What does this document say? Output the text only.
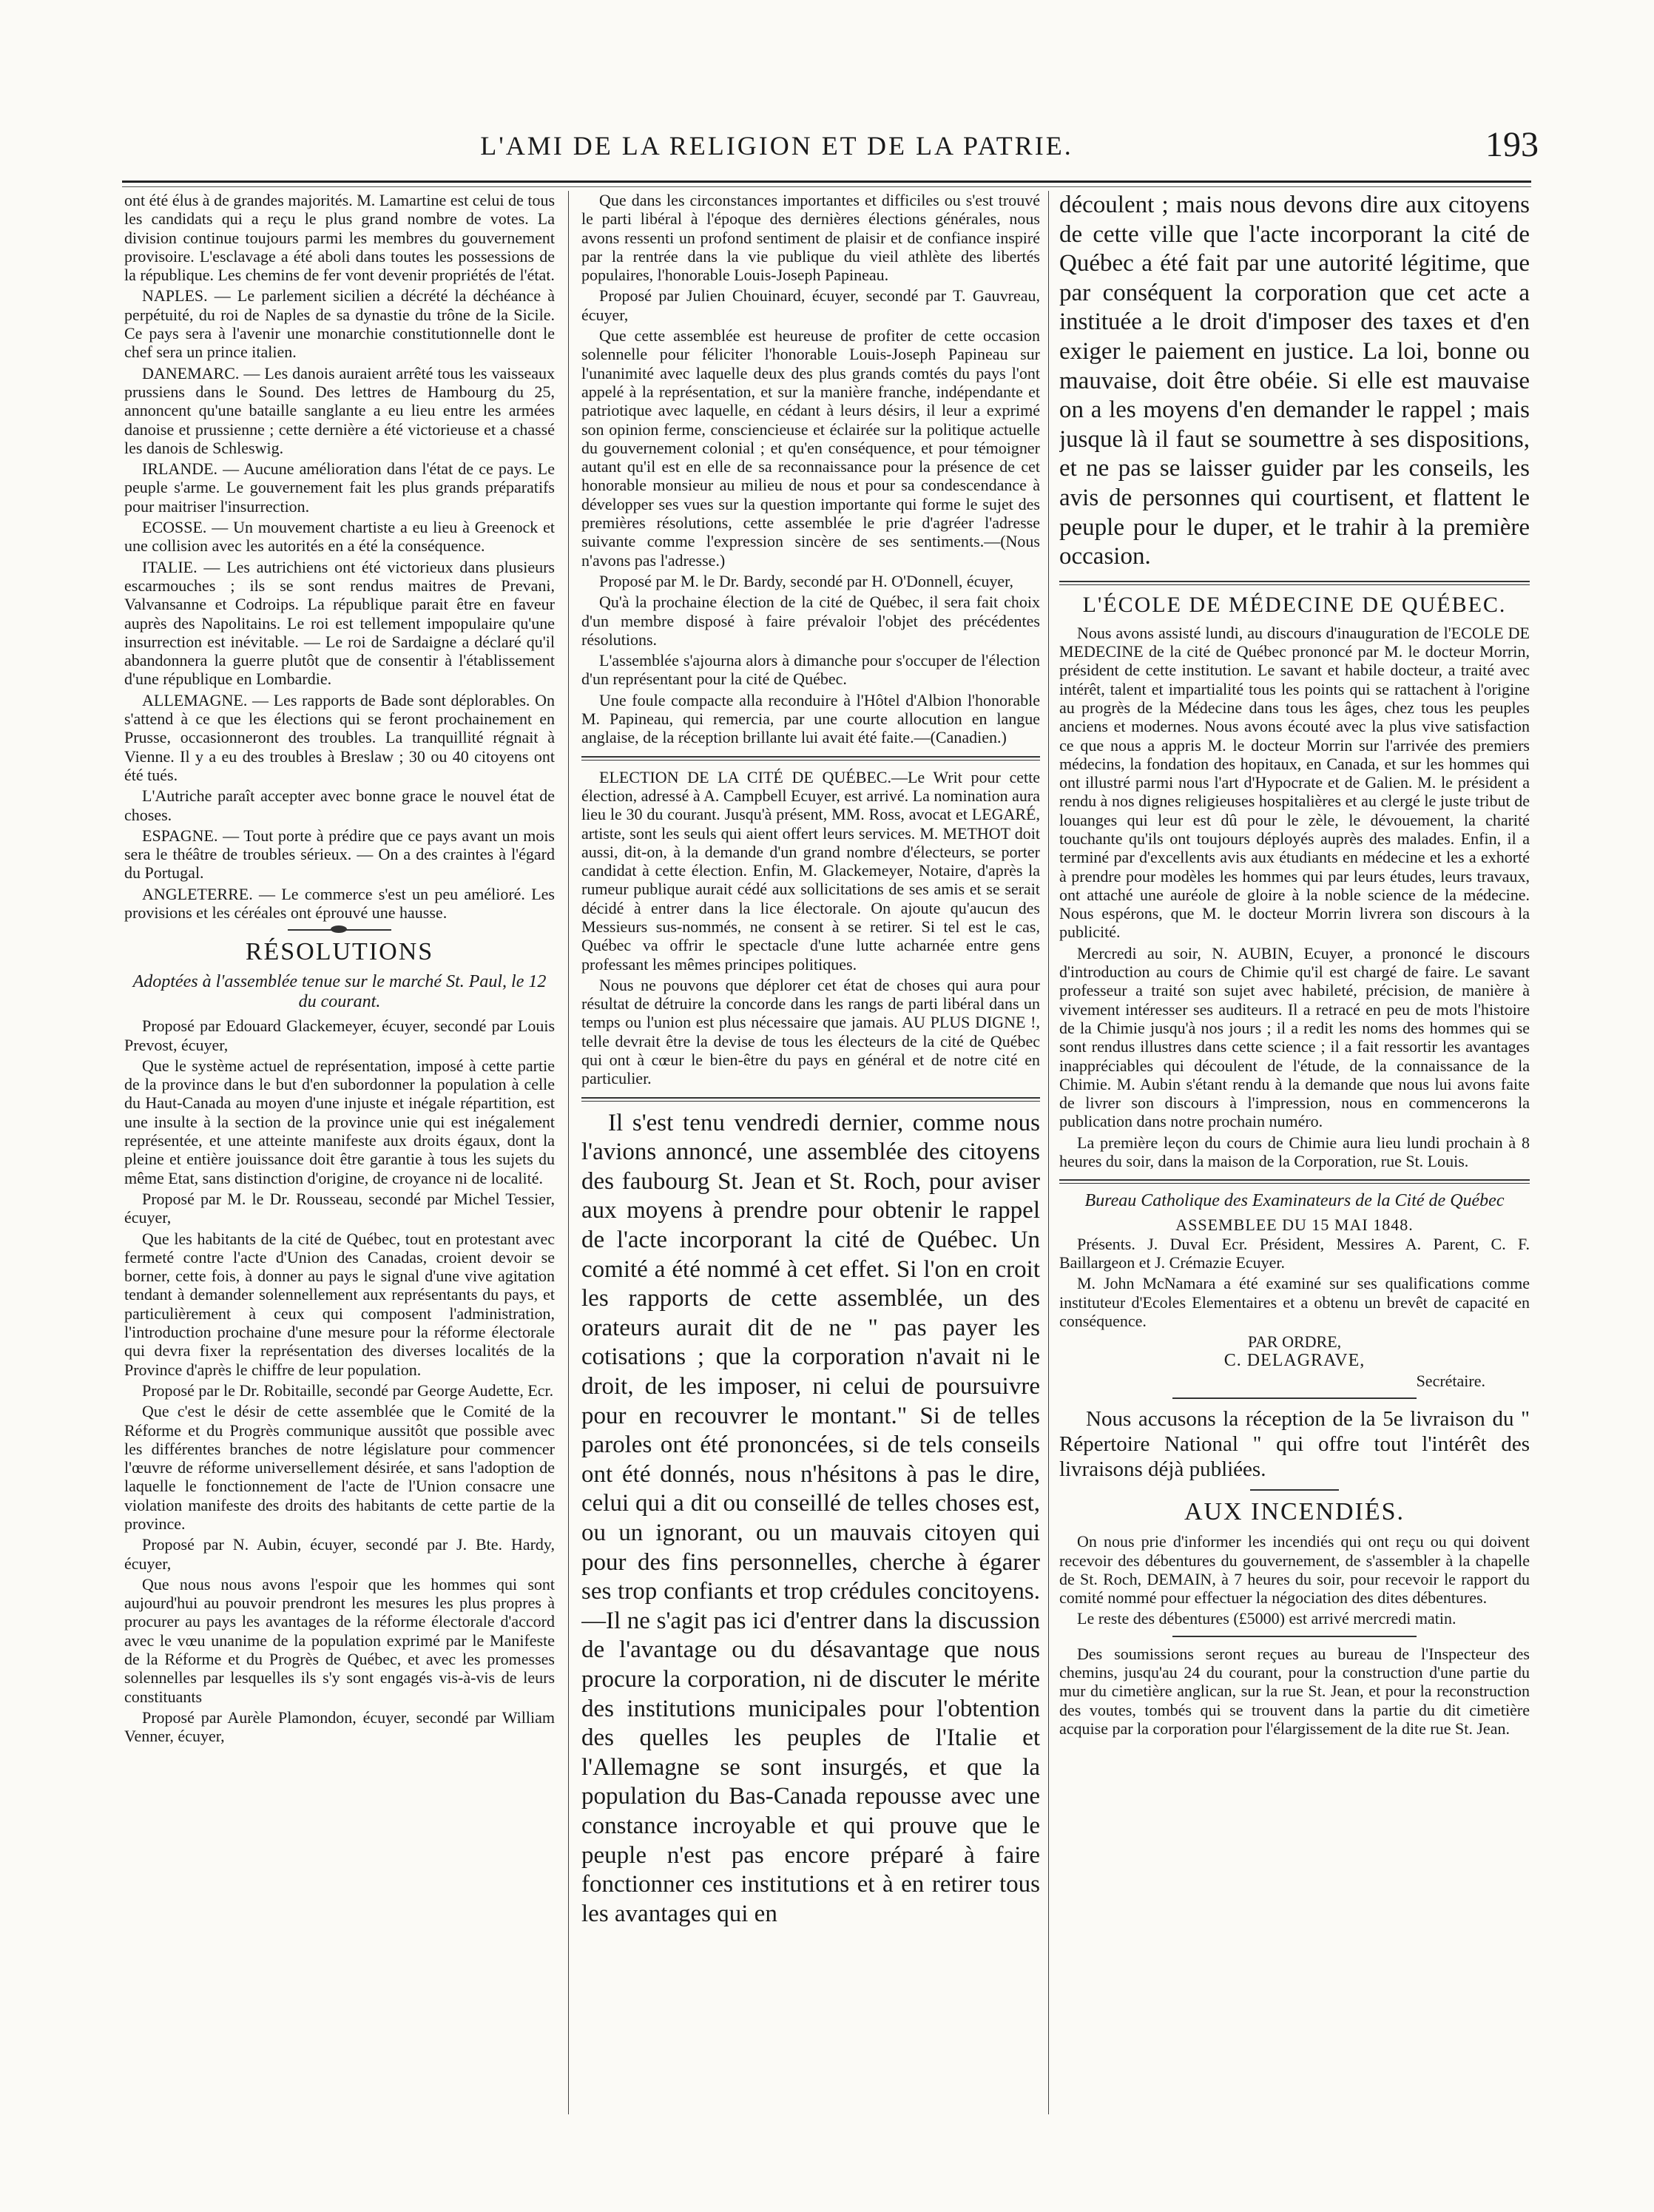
L'AMI DE LA RELIGION ET DE LA PATRIE.	193

ont été élus à de grandes majorités. M. Lamartine est celui de tous les candidats qui a reçu le plus grand nombre de votes. La division continue toujours parmi les membres du gouvernement provisoire. L'esclavage a été aboli dans toutes les possessions de la république. Les chemins de fer vont devenir propriétés de l'état.

NAPLES. — Le parlement sicilien a décrété la déchéance à perpétuité, du roi de Naples de sa dynastie du trône de la Sicile. Ce pays sera à l'avenir une monarchie constitutionnelle dont le chef sera un prince italien.

DANEMARC. — Les danois auraient arrêté tous les vaisseaux prussiens dans le Sound. Des lettres de Hambourg du 25, annoncent qu'une bataille sanglante a eu lieu entre les armées danoise et prussienne ; cette dernière a été victorieuse et a chassé les danois de Schleswig.

IRLANDE. — Aucune amélioration dans l'état de ce pays. Le peuple s'arme. Le gouvernement fait les plus grands préparatifs pour maitriser l'insurrection.

ECOSSE. — Un mouvement chartiste a eu lieu à Greenock et une collision avec les autorités en a été la conséquence.

ITALIE. — Les autrichiens ont été victorieux dans plusieurs escarmouches ; ils se sont rendus maitres de Prevani, Valvansanne et Codroips. La république parait être en faveur auprès des Napolitains. Le roi est tellement impopulaire qu'une insurrection est inévitable. — Le roi de Sardaigne a déclaré qu'il abandonnera la guerre plutôt que de consentir à l'établissement d'une république en Lombardie.

ALLEMAGNE. — Les rapports de Bade sont déplorables. On s'attend à ce que les élections qui se feront prochainement en Prusse, occasionneront des troubles. La tranquillité régnait à Vienne. Il y a eu des troubles à Breslaw ; 30 ou 40 citoyens ont été tués.

L'Autriche paraît accepter avec bonne grace le nouvel état de choses.

ESPAGNE. — Tout porte à prédire que ce pays avant un mois sera le théâtre de troubles sérieux. — On a des craintes à l'égard du Portugal.

ANGLETERRE. — Le commerce s'est un peu amélioré. Les provisions et les céréales ont éprouvé une hausse.

RÉSOLUTIONS
Adoptées à l'assemblée tenue sur le marché St. Paul, le 12 du courant.

Proposé par Edouard Glackemeyer, écuyer, secondé par Louis Prevost, écuyer,

Que le système actuel de représentation, imposé à cette partie de la province dans le but d'en subordonner la population à celle du Haut-Canada au moyen d'une injuste et inégale répartition, est une insulte à la section de la province unie qui est inégalement représentée, et une atteinte manifeste aux droits égaux, dont la pleine et entière jouissance doit être garantie à tous les sujets du même Etat, sans distinction d'origine, de croyance ni de localité.

Proposé par M. le Dr. Rousseau, secondé par Michel Tessier, écuyer,

Que les habitants de la cité de Québec, tout en protestant avec fermeté contre l'acte d'Union des Canadas, croient devoir se borner, cette fois, à donner au pays le signal d'une vive agitation tendant à demander solennellement aux représentants du pays, et particulièrement à ceux qui composent l'administration, l'introduction prochaine d'une mesure pour la réforme électorale qui devra fixer la représentation des diverses localités de la Province d'après le chiffre de leur population.

Proposé par le Dr. Robitaille, secondé par George Audette, Ecr.

Que c'est le désir de cette assemblée que le Comité de la Réforme et du Progrès communique aussitôt que possible avec les différentes branches de notre législature pour commencer l'œuvre de réforme universellement désirée, et sans l'adoption de laquelle le fonctionnement de l'acte de l'Union consacre une violation manifeste des droits des habitants de cette partie de la province.

Proposé par N. Aubin, écuyer, secondé par J. Bte. Hardy, écuyer,

Que nous nous avons l'espoir que les hommes qui sont aujourd'hui au pouvoir prendront les mesures les plus propres à procurer au pays les avantages de la réforme électorale d'accord avec le vœu unanime de la population exprimé par le Manifeste de la Réforme et du Progrès de Québec, et avec les promesses solennelles par lesquelles ils s'y sont engagés vis-à-vis de leurs constituants

Proposé par Aurèle Plamondon, écuyer, secondé par William Venner, écuyer,

Que dans les circonstances importantes et difficiles ou s'est trouvé le parti libéral à l'époque des dernières élections générales, nous avons ressenti un profond sentiment de plaisir et de confiance inspiré par la rentrée dans la vie publique du vieil athlète des libertés populaires, l'honorable Louis-Joseph Papineau.

Proposé par Julien Chouinard, écuyer, secondé par T. Gauvreau, écuyer,

Que cette assemblée est heureuse de profiter de cette occasion solennelle pour féliciter l'honorable Louis-Joseph Papineau sur l'unanimité avec laquelle deux des plus grands comtés du pays l'ont appelé à la représentation, et sur la manière franche, indépendante et patriotique avec laquelle, en cédant à leurs désirs, il leur a exprimé son opinion ferme, consciencieuse et éclairée sur la politique actuelle du gouvernement colonial ; et qu'en conséquence, et pour témoigner autant qu'il est en elle de sa reconnaissance pour la présence de cet honorable monsieur au milieu de nous et pour sa condescendance à développer ses vues sur la question importante qui forme le sujet des premières résolutions, cette assemblée le prie d'agréer l'adresse suivante comme l'expression sincère de ses sentiments.—(Nous n'avons pas l'adresse.)

Proposé par M. le Dr. Bardy, secondé par H. O'Donnell, écuyer,

Qu'à la prochaine élection de la cité de Québec, il sera fait choix d'un membre disposé à faire prévaloir l'objet des précédentes résolutions.

L'assemblée s'ajourna alors à dimanche pour s'occuper de l'élection d'un représentant pour la cité de Québec.

Une foule compacte alla reconduire à l'Hôtel d'Albion l'honorable M. Papineau, qui remercia, par une courte allocution en langue anglaise, de la réception brillante lui avait été faite.—(Canadien.)

ELECTION DE LA CITÉ DE QUÉBEC.—Le Writ pour cette élection, adressé à A. Campbell Ecuyer, est arrivé. La nomination aura lieu le 30 du courant. Jusqu'à présent, MM. Ross, avocat et LEGARÉ, artiste, sont les seuls qui aient offert leurs services. M. METHOT doit aussi, dit-on, à la demande d'un grand nombre d'électeurs, se porter candidat à cette élection. Enfin, M. Glackemeyer, Notaire, d'après la rumeur publique aurait cédé aux sollicitations de ses amis et se serait décidé à entrer dans la lice électorale. On ajoute qu'aucun des Messieurs sus-nommés, ne consent à se retirer. Si tel est le cas, Québec va offrir le spectacle d'une lutte acharnée entre gens professant les mêmes principes politiques.

Nous ne pouvons que déplorer cet état de choses qui aura pour résultat de détruire la concorde dans les rangs de parti libéral dans un temps ou l'union est plus nécessaire que jamais. AU PLUS DIGNE !, telle devrait être la devise de tous les électeurs de la cité de Québec qui ont à cœur le bien-être du pays en général et de notre cité en particulier.

Il s'est tenu vendredi dernier, comme nous l'avions annoncé, une assemblée des citoyens des faubourg St. Jean et St. Roch, pour aviser aux moyens à prendre pour obtenir le rappel de l'acte incorporant la cité de Québec. Un comité a été nommé à cet effet. Si l'on en croit les rapports de cette assemblée, un des orateurs aurait dit de ne " pas payer les cotisations ; que la corporation n'avait ni le droit, de les imposer, ni celui de poursuivre pour en recouvrer le montant." Si de telles paroles ont été prononcées, si de tels conseils ont été donnés, nous n'hésitons à pas le dire, celui qui a dit ou conseillé de telles choses est, ou un ignorant, ou un mauvais citoyen qui pour des fins personnelles, cherche à égarer ses trop confiants et trop crédules concitoyens.—Il ne s'agit pas ici d'entrer dans la discussion de l'avantage ou du désavantage que nous procure la corporation, ni de discuter le mérite des institutions municipales pour l'obtention des quelles les peuples de l'Italie et l'Allemagne se sont insurgés, et que la population du Bas-Canada repousse avec une constance incroyable et qui prouve que le peuple n'est pas encore préparé à faire fonctionner ces institutions et à en retirer tous les avantages qui en

découlent ; mais nous devons dire aux citoyens de cette ville que l'acte incorporant la cité de Québec a été fait par une autorité légitime, que par conséquent la corporation que cet acte a instituée a le droit d'imposer des taxes et d'en exiger le paiement en justice. La loi, bonne ou mauvaise, doit être obéie. Si elle est mauvaise on a les moyens d'en demander le rappel ; mais jusque là il faut se soumettre à ses dispositions, et ne pas se laisser guider par les conseils, les avis de personnes qui courtisent, et flattent le peuple pour le duper, et le trahir à la première occasion.

L'ÉCOLE DE MÉDECINE DE QUÉBEC.

Nous avons assisté lundi, au discours d'inauguration de l'ECOLE DE MEDECINE de la cité de Québec prononcé par M. le docteur Morrin, président de cette institution. Le savant et habile docteur, a traité avec intérêt, talent et impartialité tous les points qui se rattachent à l'origine au progrès de la Médecine dans tous les âges, chez tous les peuples anciens et modernes. Nous avons écouté avec la plus vive satisfaction ce que nous a appris M. le docteur Morrin sur l'arrivée des premiers médecins, la fondation des hopitaux, en Canada, et sur les hommes qui ont illustré parmi nous l'art d'Hypocrate et de Galien. M. le président a rendu à nos dignes religieuses hospitalières et au clergé le juste tribut de louanges qui leur est dû pour le zèle, le dévouement, la charité touchante qu'ils ont toujours déployés auprès des malades. Enfin, il a terminé par d'excellents avis aux étudiants en médecine et les a exhorté à prendre pour modèles les hommes qui par leurs études, leurs travaux, ont attaché une auréole de gloire à la noble science de la médecine. Nous espérons, que M. le docteur Morrin livrera son discours à la publicité.

Mercredi au soir, N. AUBIN, Ecuyer, a prononcé le discours d'introduction au cours de Chimie qu'il est chargé de faire. Le savant professeur a traité son sujet avec habileté, précision, de manière à vivement intéresser ses auditeurs. Il a retracé en peu de mots l'histoire de la Chimie jusqu'à nos jours ; il a redit les noms des hommes qui se sont rendus illustres dans cette science ; il a fait ressortir les avantages inappréciables qui découlent de l'étude, de la connaissance de la Chimie. M. Aubin s'étant rendu à la demande que nous lui avons faite de livrer son discours à l'impression, nous en commencerons la publication dans notre prochain numéro.

La première leçon du cours de Chimie aura lieu lundi prochain à 8 heures du soir, dans la maison de la Corporation, rue St. Louis.

Bureau Catholique des Examinateurs de la Cité de Québec
ASSEMBLEE DU 15 MAI 1848.

Présents. J. Duval Ecr. Président, Messires A. Parent, C. F. Baillargeon et J. Crémazie Ecuyer.

M. John McNamara a été examiné sur ses qualifications comme instituteur d'Ecoles Elementaires et a obtenu un brevêt de capacité en conséquence.

PAR ORDRE,
C. DELAGRAVE,
Secrétaire.

Nous accusons la réception de la 5e livraison du " Répertoire National " qui offre tout l'intérêt des livraisons déjà publiées.

AUX INCENDIÉS.

On nous prie d'informer les incendiés qui ont reçu ou qui doivent recevoir des débentures du gouvernement, de s'assembler à la chapelle de St. Roch, DEMAIN, à 7 heures du soir, pour recevoir le rapport du comité nommé pour effectuer la négociation des dites débentures.

Le reste des débentures (£5000) est arrivé mercredi matin.

Des soumissions seront reçues au bureau de l'Inspecteur des chemins, jusqu'au 24 du courant, pour la construction d'une partie du mur du cimetière anglican, sur la rue St. Jean, et pour la reconstruction des voutes, tombés qui se trouvent dans la partie du dit cimetière acquise par la corporation pour l'élargissement de la dite rue St. Jean.
